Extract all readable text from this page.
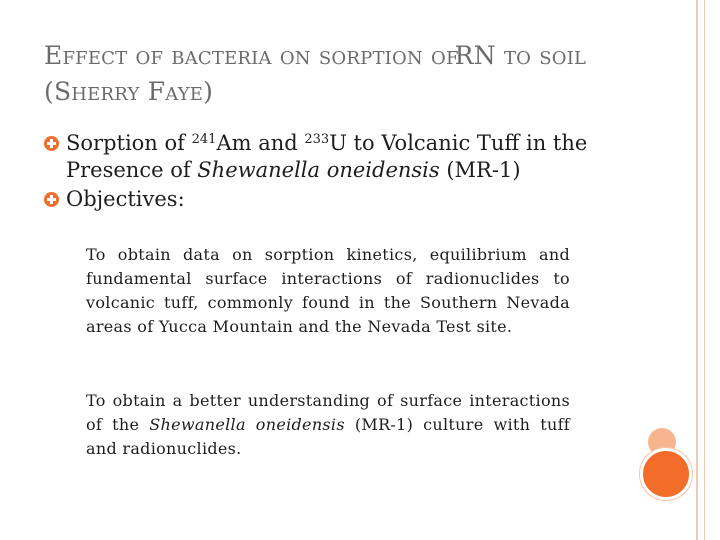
Effect of bacteria on sorption ofRN to soil
(Sherry Faye)
Sorption of $^{241}$Am and $^{233}$U to Volcanic Tuff in the Presence of Shewanella oneidensis (MR-1)
Objectives:
To obtain data on sorption kinetics, equilibrium and fundamental surface interactions of radionuclides to volcanic tuff, commonly found in the Southern Nevada areas of Yucca Mountain and the Nevada Test site.
To obtain a better understanding of surface interactions of the Shewanella oneidensis (MR-1) culture with tuff and radionuclides.
